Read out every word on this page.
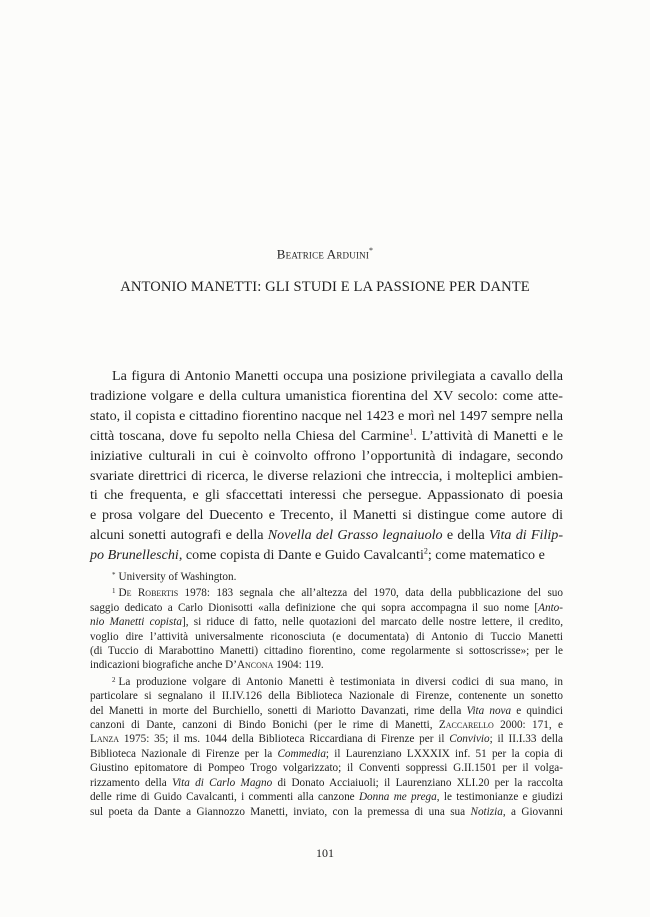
Beatrice Arduini*
ANTONIO MANETTI: GLI STUDI E LA PASSIONE PER DANTE
La figura di Antonio Manetti occupa una posizione privilegiata a cavallo della
tradizione volgare e della cultura umanistica fiorentina del XV secolo: come atte-
stato, il copista e cittadino fiorentino nacque nel 1423 e morì nel 1497 sempre nella
città toscana, dove fu sepolto nella Chiesa del Carmine$^1$. L’attività di Manetti e le
iniziative culturali in cui è coinvolto offrono l’opportunità di indagare, secondo
svariate direttrici di ricerca, le diverse relazioni che intreccia, i molteplici ambien-
ti che frequenta, e gli sfaccettati interessi che persegue. Appassionato di poesia
e prosa volgare del Duecento e Trecento, il Manetti si distingue come autore di
alcuni sonetti autografi e della Novella del Grasso legnaiuolo e della Vita di Filip-
po Brunelleschi, come copista di Dante e Guido Cavalcanti$^2$; come matematico e
* University of Washington.
$^1$ De Robertis 1978: 183 segnala che all’altezza del 1970, data della pubblicazione del suo
saggio dedicato a Carlo Dionisotti «alla definizione che qui sopra accompagna il suo nome [Anto-
nio Manetti copista], si riduce di fatto, nelle quotazioni del marcato delle nostre lettere, il credito,
voglio dire l’attività universalmente riconosciuta (e documentata) di Antonio di Tuccio Manetti
(di Tuccio di Marabottino Manetti) cittadino fiorentino, come regolarmente si sottoscrisse»; per le
indicazioni biografiche anche D’Ancona 1904: 119.
$^2$ La produzione volgare di Antonio Manetti è testimoniata in diversi codici di sua mano, in
particolare si segnalano il II.IV.126 della Biblioteca Nazionale di Firenze, contenente un sonetto
del Manetti in morte del Burchiello, sonetti di Mariotto Davanzati, rime della Vita nova e quindici
canzoni di Dante, canzoni di Bindo Bonichi (per le rime di Manetti, Zaccarello 2000: 171, e
Lanza 1975: 35; il ms. 1044 della Biblioteca Riccardiana di Firenze per il Convivio; il II.I.33 della
Biblioteca Nazionale di Firenze per la Commedia; il Laurenziano LXXXIX inf. 51 per la copia di
Giustino epitomatore di Pompeo Trogo volgarizzato; il Conventi soppressi G.II.1501 per il volga-
rizzamento della Vita di Carlo Magno di Donato Acciaiuoli; il Laurenziano XLI.20 per la raccolta
delle rime di Guido Cavalcanti, i commenti alla canzone Donna me prega, le testimonianze e giudizi
sul poeta da Dante a Giannozzo Manetti, inviato, con la premessa di una sua Notizia, a Giovanni
101
